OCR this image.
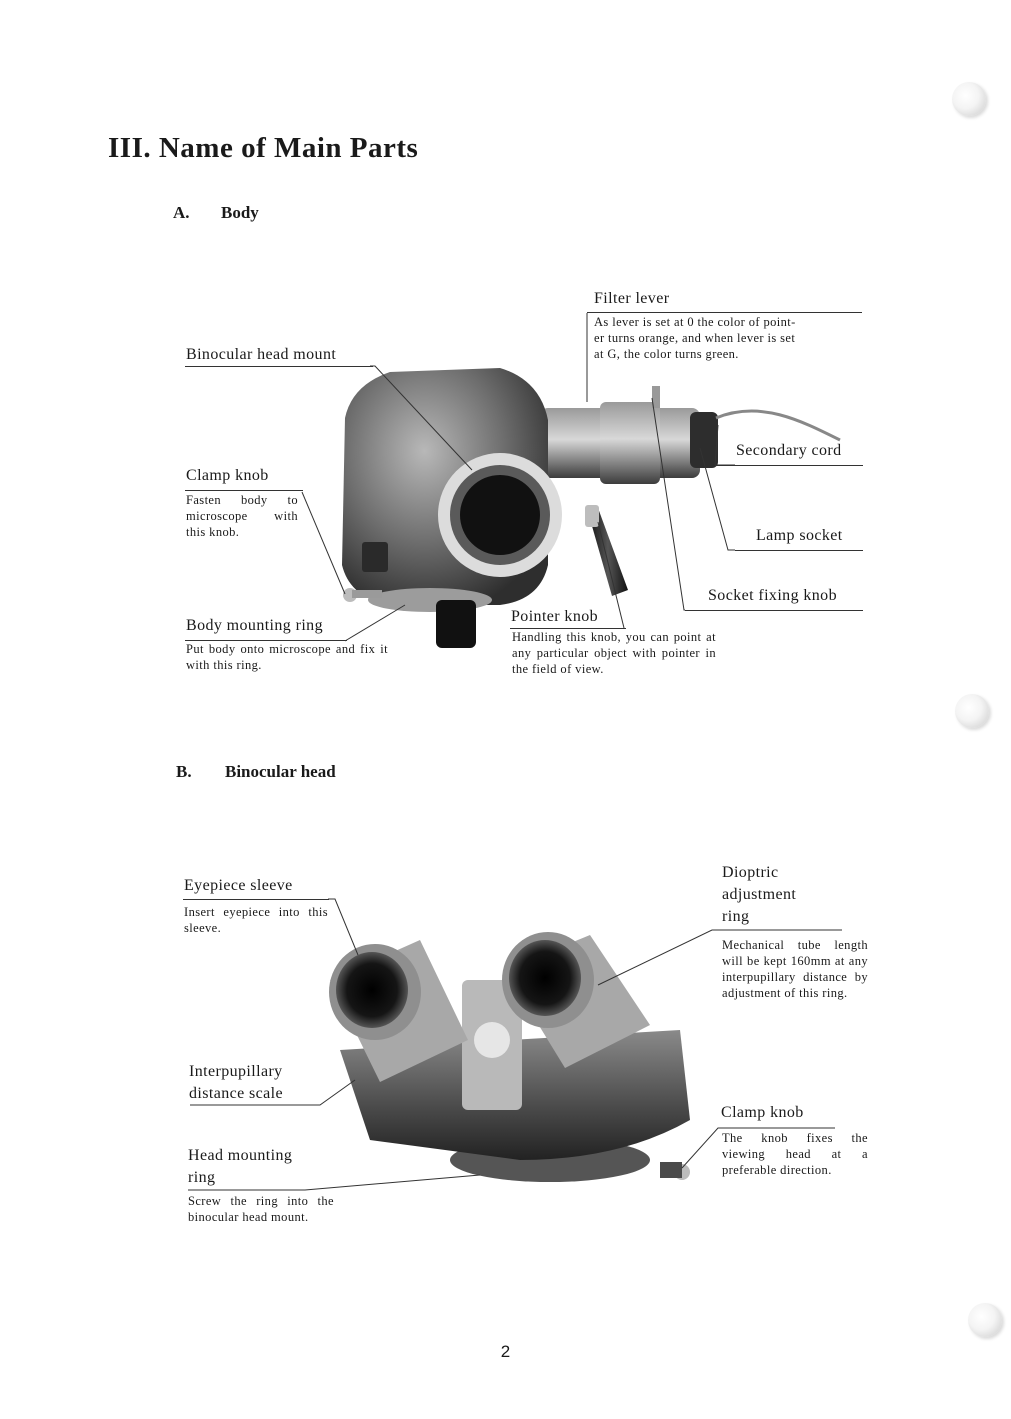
III. Name of Main Parts
A. Body
Filter lever
As lever is set at 0 the color of point-
er turns orange, and when lever is set
at G, the color turns green.
Binocular head mount
Clamp knob
Fasten body to microscope with this knob.
Secondary cord
Lamp socket
Socket fixing knob
Body mounting ring
Put body onto microscope and fix it with this ring.
Pointer knob
Handling this knob, you can point at any particular object with pointer in the field of view.
B. Binocular head
Eyepiece sleeve
Insert eyepiece into this sleeve.
Dioptric
adjustment
ring
Mechanical tube length will be kept 160mm at any interpupillary distance by adjustment of this ring.
Interpupillary
distance scale
Clamp knob
The knob fixes the viewing head at a preferable direction.
Head mounting
ring
Screw the ring into the binocular head mount.
2
